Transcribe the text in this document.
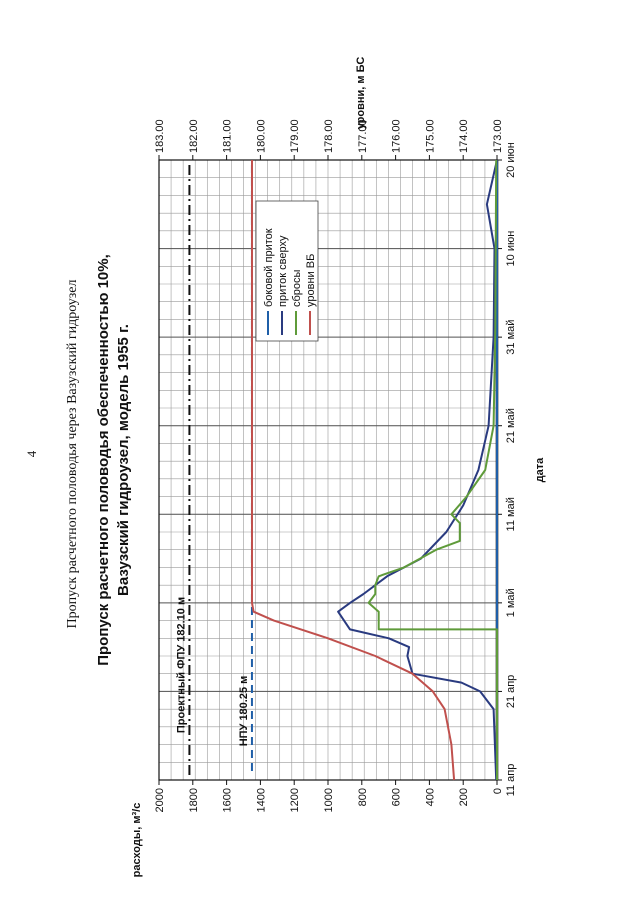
4 Пропуск расчетного половодья через Вазузский гидроузел
0
200
400
600
800
1000
1200
1400
1600
1800
2000
173.00
174.00
175.00
176.00
177.00
178.00
179.00
180.00
181.00
182.00
183.00
11 апр
21 апр
1 май
11 май
21 май
31 май
10 июн
20 июн
расходы, м³/с
уровни, м БС
дата
Пропуск расчетного половодья обеспеченностью 10%, Вазузский гидроузел, модель 1955 г.
Проектный ФПУ 182.10 м	НПУ 180.25 м
боковой приток приток сверху сбросы уровни ВБ
